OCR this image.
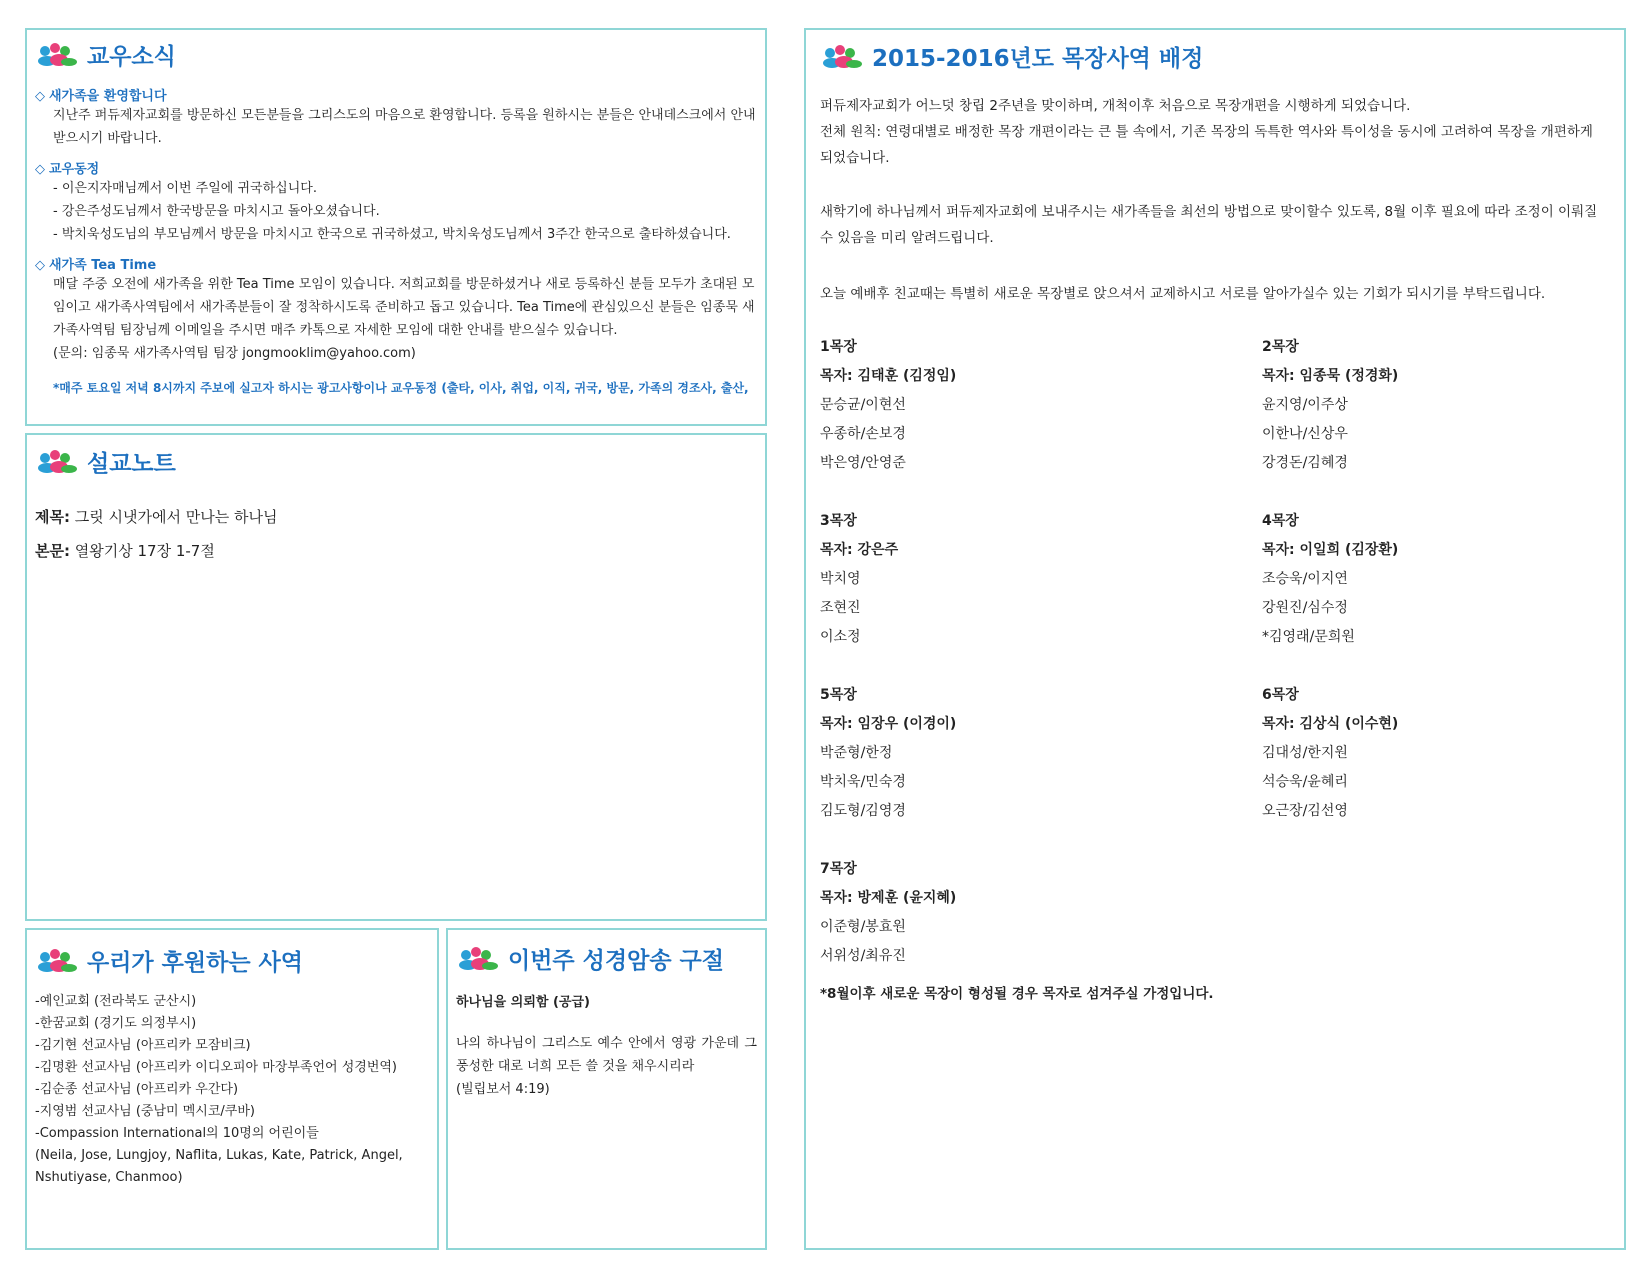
교우소식
◇ 새가족을 환영합니다
지난주 퍼듀제자교회를 방문하신 모든분들을 그리스도의 마음으로 환영합니다. 등록을 원하시는 분들은 안내데스크에서 안내 받으시기 바랍니다.
◇ 교우동정
- 이은지자매님께서 이번 주일에 귀국하십니다.
- 강은주성도님께서 한국방문을 마치시고 돌아오셨습니다.
- 박치욱성도님의 부모님께서 방문을 마치시고 한국으로 귀국하셨고, 박치욱성도님께서 3주간 한국으로 출타하셨습니다.
◇ 새가족 Tea Time
매달 주중 오전에 새가족을 위한 Tea Time 모임이 있습니다. 저희교회를 방문하셨거나 새로 등록하신 분들 모두가 초대된 모임이고 새가족사역팀에서 새가족분들이 잘 정착하시도록 준비하고 돕고 있습니다. Tea Time에 관심있으신 분들은 임종묵 새가족사역팀 팀장님께 이메일을 주시면 매주 카톡으로 자세한 모임에 대한 안내를 받으실수 있습니다.
(문의: 임종묵 새가족사역팀 팀장 jongmooklim@yahoo.com)
*매주 토요일 저녁 8시까지 주보에 실고자 하시는 광고사항이나 교우동정 (출타, 이사, 취업, 이직, 귀국, 방문, 가족의 경조사, 출산,
설교노트
제목: 그릿 시냇가에서 만나는 하나님
본문: 열왕기상 17장 1-7절
우리가 후원하는 사역
-예인교회 (전라북도 군산시)
-한꿈교회 (경기도 의정부시)
-김기현 선교사님 (아프리카 모잠비크)
-김명환 선교사님 (아프리카 이디오피아 마장부족언어 성경번역)
-김순종 선교사님 (아프리카 우간다)
-지영범 선교사님 (중남미 멕시코/쿠바)
-Compassion International의 10명의 어린이들
(Neila, Jose, Lungjoy, Naflita, Lukas, Kate, Patrick, Angel, Nshutiyase, Chanmoo)
이번주 성경암송 구절
하나님을 의뢰함 (공급)
나의 하나님이 그리스도 예수 안에서 영광 가운데 그 풍성한 대로 너희 모든 쓸 것을 채우시리라
(빌립보서 4:19)
2015-2016년도 목장사역 배정
퍼듀제자교회가 어느덧 창립 2주년을 맞이하며, 개척이후 처음으로 목장개편을 시행하게 되었습니다.
전체 원칙: 연령대별로 배정한 목장 개편이라는 큰 틀 속에서, 기존 목장의 독특한 역사와 특이성을 동시에 고려하여 목장을 개편하게 되었습니다.
새학기에 하나님께서 퍼듀제자교회에 보내주시는 새가족들을 최선의 방법으로 맞이할수 있도록, 8월 이후 필요에 따라 조정이 이뤄질수 있음을 미리 알려드립니다.
오늘 예배후 친교때는 특별히 새로운 목장별로 앉으셔서 교제하시고 서로를 알아가실수 있는 기회가 되시기를 부탁드립니다.
1목장
목자: 김태훈 (김정임)
문승균/이현선
우종하/손보경
박은영/안영준
2목장
목자: 임종묵 (정경화)
윤지영/이주상
이한나/신상우
강경돈/김혜경
3목장
목자: 강은주
박치영
조현진
이소정
4목장
목자: 이일희 (김장환)
조승욱/이지연
강원진/심수정
*김영래/문희원
5목장
목자: 임장우 (이경이)
박준형/한정
박치욱/민숙경
김도형/김영경
6목장
목자: 김상식 (이수현)
김대성/한지원
석승욱/윤혜리
오근장/김선영
7목장
목자: 방제훈 (윤지혜)
이준형/봉효원
서위성/최유진
*8월이후 새로운 목장이 형성될 경우 목자로 섬겨주실 가정입니다.
